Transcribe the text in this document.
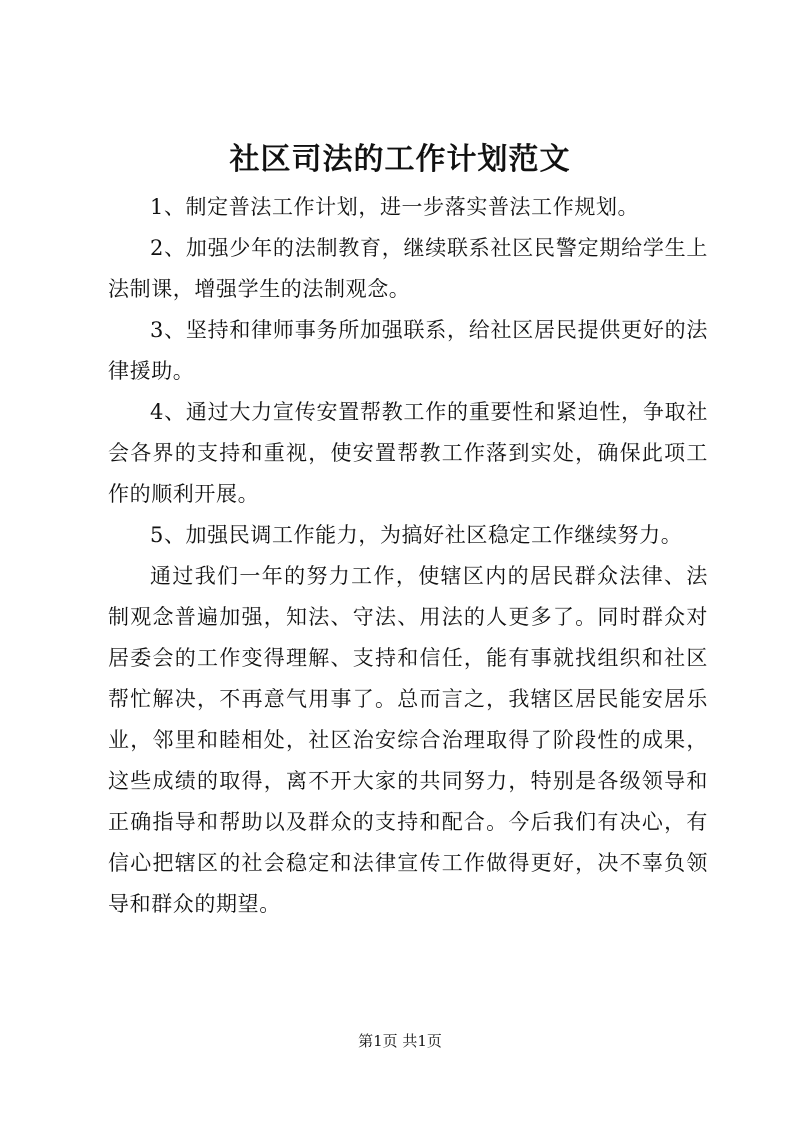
社区司法的工作计划范文

1、制定普法工作计划，进一步落实普法工作规划。

2、加强少年的法制教育，继续联系社区民警定期给学生上法制课，增强学生的法制观念。

3、坚持和律师事务所加强联系，给社区居民提供更好的法律援助。

4、通过大力宣传安置帮教工作的重要性和紧迫性，争取社会各界的支持和重视，使安置帮教工作落到实处，确保此项工作的顺利开展。

5、加强民调工作能力，为搞好社区稳定工作继续努力。

通过我们一年的努力工作，使辖区内的居民群众法律、法制观念普遍加强，知法、守法、用法的人更多了。同时群众对居委会的工作变得理解、支持和信任，能有事就找组织和社区帮忙解决，不再意气用事了。总而言之，我辖区居民能安居乐业，邻里和睦相处，社区治安综合治理取得了阶段性的成果，这些成绩的取得，离不开大家的共同努力，特别是各级领导和正确指导和帮助以及群众的支持和配合。今后我们有决心，有信心把辖区的社会稳定和法律宣传工作做得更好，决不辜负领导和群众的期望。

第1页 共1页
